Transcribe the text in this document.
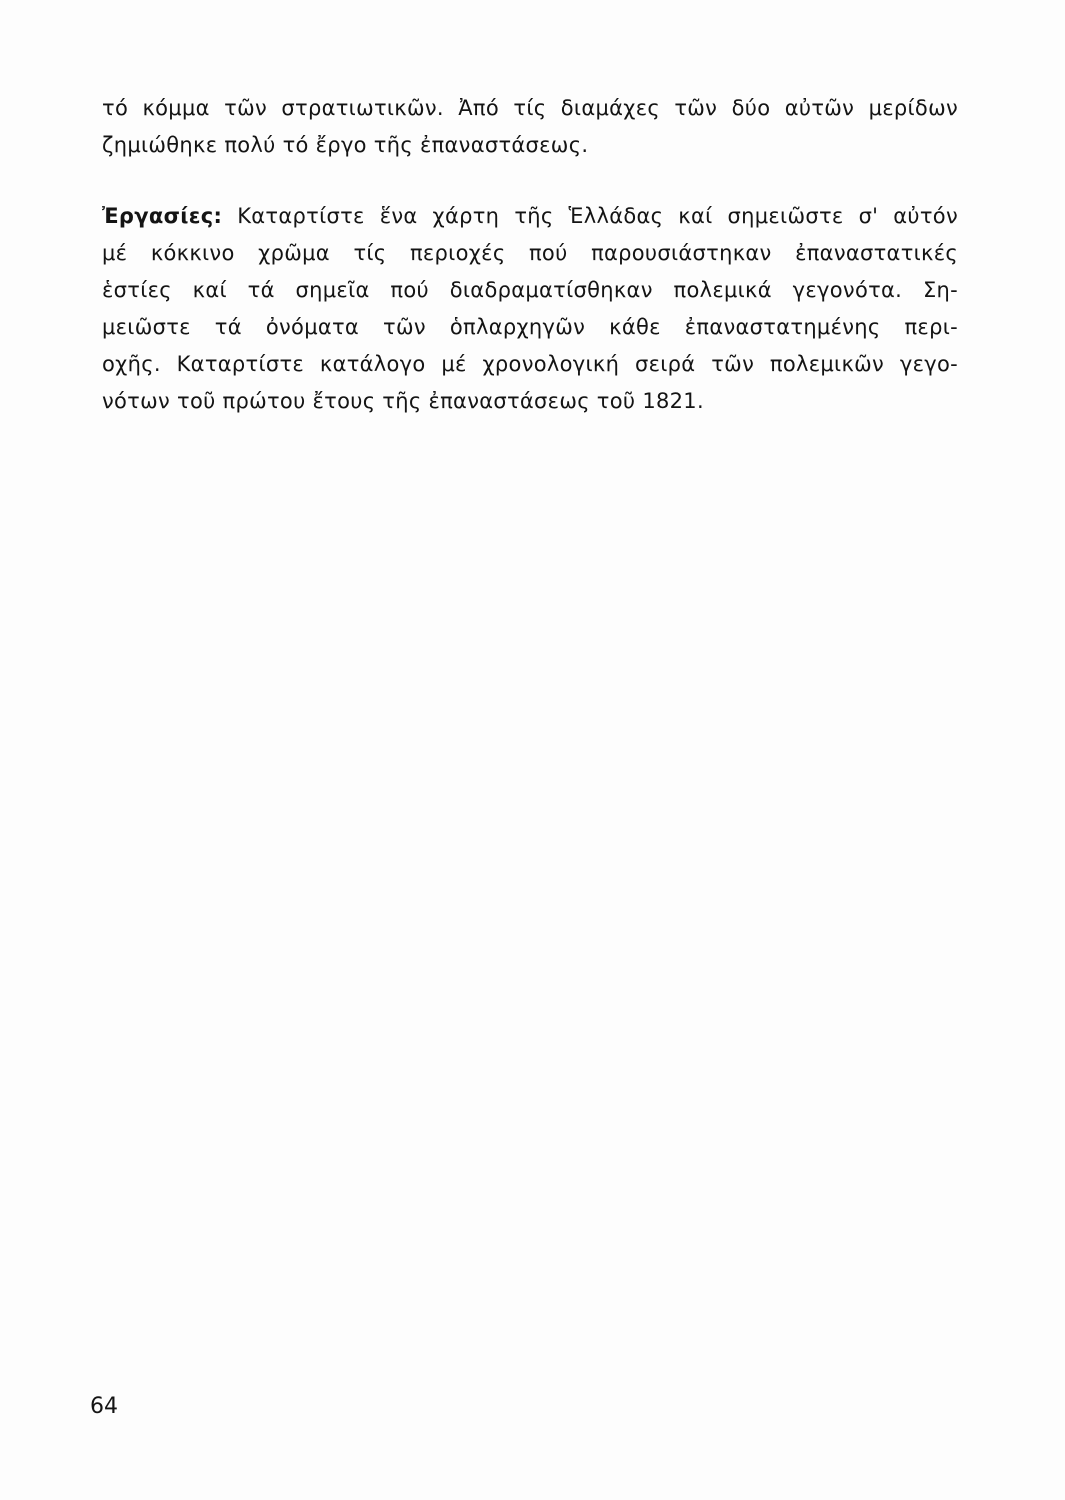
τό κόμμα τῶν στρατιωτικῶν. Ἀπό τίς διαμάχες τῶν δύο αὐτῶν μερίδων
ζημιώθηκε πολύ τό ἔργο τῆς ἐπαναστάσεως.
Ἐργασίες: Καταρτίστε ἕνα χάρτη τῆς Ἑλλάδας καί σημειῶστε σ' αὐτόν
μέ κόκκινο χρῶμα τίς περιοχές πού παρουσιάστηκαν ἐπαναστατικές
ἑστίες καί τά σημεῖα πού διαδραματίσθηκαν πολεμικά γεγονότα. Ση-
μειῶστε τά ὀνόματα τῶν ὁπλαρχηγῶν κάθε ἐπαναστατημένης περι-
οχῆς. Καταρτίστε κατάλογο μέ χρονολογική σειρά τῶν πολεμικῶν γεγο-
νότων τοῦ πρώτου ἔτους τῆς ἐπαναστάσεως τοῦ 1821.
64
